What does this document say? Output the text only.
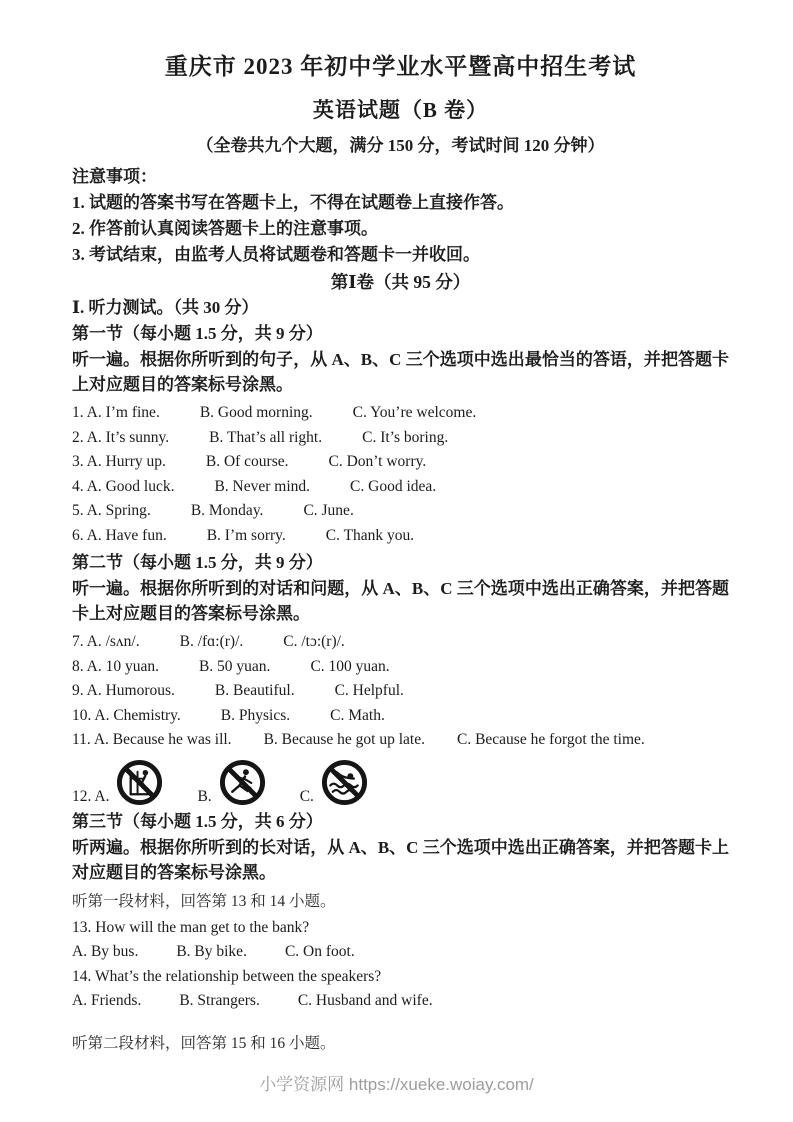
重庆市 2023 年初中学业水平暨高中招生考试
英语试题（B 卷）
（全卷共九个大题，满分 150 分，考试时间 120 分钟）
注意事项：
1. 试题的答案书写在答题卡上，不得在试题卷上直接作答。
2. 作答前认真阅读答题卡上的注意事项。
3. 考试结束，由监考人员将试题卷和答题卡一并收回。
第Ⅰ卷（共 95 分）
Ⅰ. 听力测试。（共 30 分）
第一节（每小题 1.5 分，共 9 分）

听一遍。根据你所听到的句子，从 A、B、C 三个选项中选出最恰当的答语，并把答题卡上对应题目的答案标号涂黑。

1. A. I’m fine.	B. Good morning.	C. You’re welcome.
2. A. It’s sunny.	B. That’s all right.	C. It’s boring.
3. A. Hurry up.	B. Of course.	C. Don’t worry.
4. A. Good luck.	B. Never mind.	C. Good idea.
5. A. Spring.	B. Monday.	C. June.
6. A. Have fun.	B. I’m sorry.	C. Thank you.
第二节（每小题 1.5 分，共 9 分）

听一遍。根据你所听到的对话和问题，从 A、B、C 三个选项中选出正确答案，并把答题卡上对应题目的答案标号涂黑。

7. A. /sʌn/.	B. /fɑ:(r)/.	C. /tɔ:(r)/.
8. A. 10 yuan.	B. 50 yuan.	C. 100 yuan.
9. A. Humorous.	B. Beautiful.	C. Helpful.
10. A. Chemistry.	B. Physics.	C. Math.
11. A. Because he was ill. B. Because he got up late. C. Because he forgot the time.
12. A.	B.	C.
第三节（每小题 1.5 分，共 6 分）

听两遍。根据你所听到的长对话，从 A、B、C 三个选项中选出正确答案，并把答题卡上对应题目的答案标号涂黑。

听第一段材料，回答第 13 和 14 小题。
13. How will the man get to the bank?
A. By bus. B. By bike. C. On foot.
14. What’s the relationship between the speakers?
A. Friends. B. Strangers. C. Husband and wife.
听第二段材料，回答第 15 和 16 小题。
小学资源网 https://xueke.woiay.com/
